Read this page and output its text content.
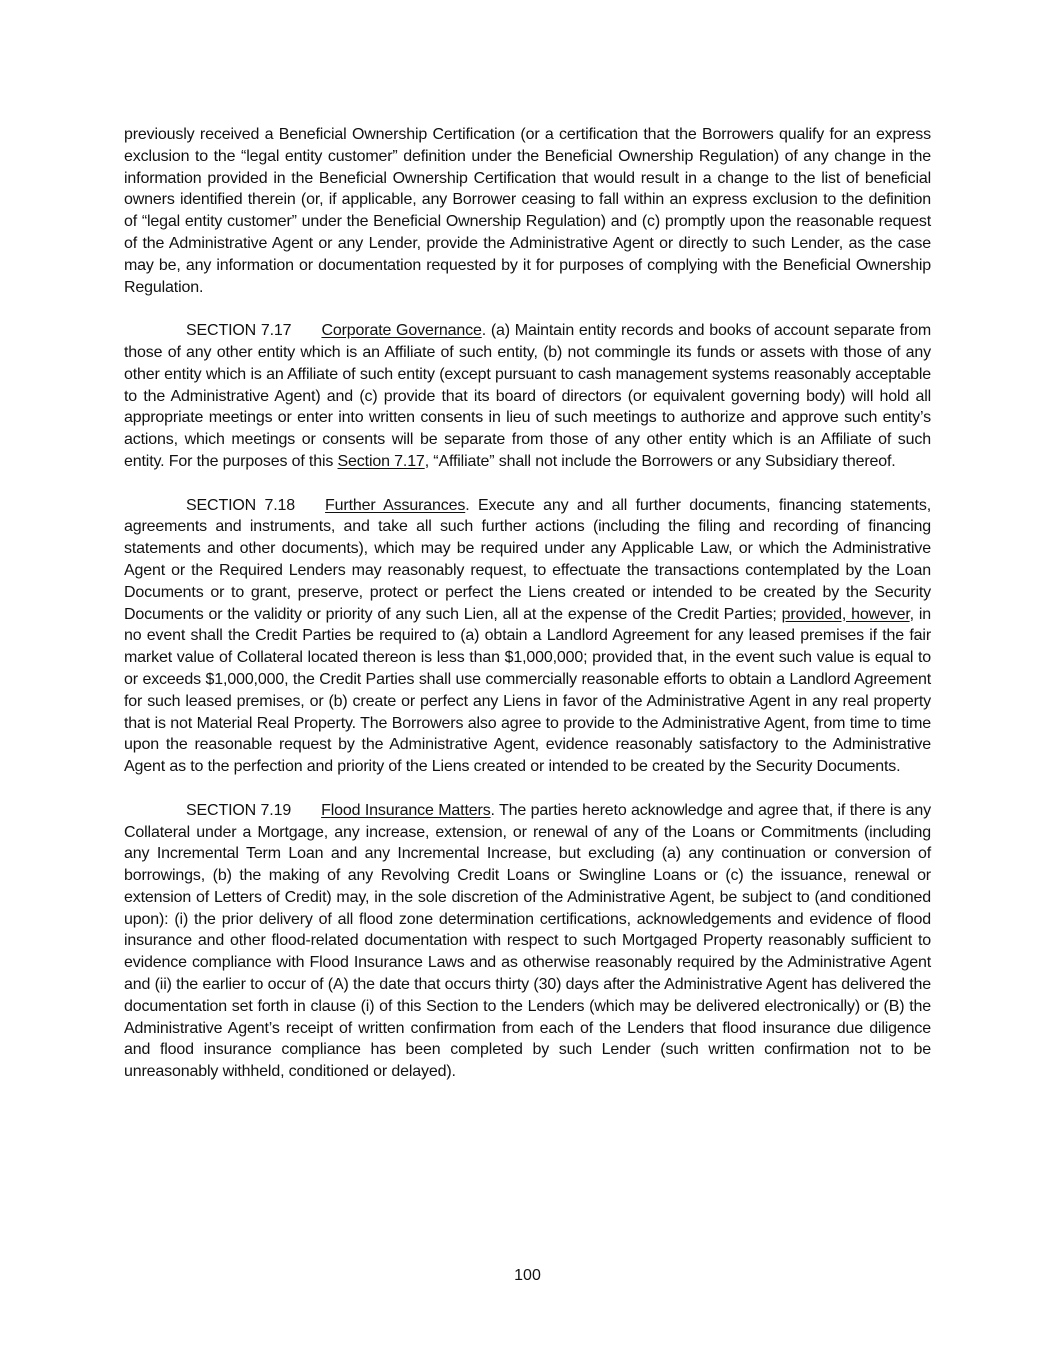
previously received a Beneficial Ownership Certification (or a certification that the Borrowers qualify for an express exclusion to the “legal entity customer” definition under the Beneficial Ownership Regulation) of any change in the information provided in the Beneficial Ownership Certification that would result in a change to the list of beneficial owners identified therein (or, if applicable, any Borrower ceasing to fall within an express exclusion to the definition of “legal entity customer” under the Beneficial Ownership Regulation) and (c) promptly upon the reasonable request of the Administrative Agent or any Lender, provide the Administrative Agent or directly to such Lender, as the case may be, any information or documentation requested by it for purposes of complying with the Beneficial Ownership Regulation.

SECTION 7.17 Corporate Governance. (a) Maintain entity records and books of account separate from those of any other entity which is an Affiliate of such entity, (b) not commingle its funds or assets with those of any other entity which is an Affiliate of such entity (except pursuant to cash management systems reasonably acceptable to the Administrative Agent) and (c) provide that its board of directors (or equivalent governing body) will hold all appropriate meetings or enter into written consents in lieu of such meetings to authorize and approve such entity’s actions, which meetings or consents will be separate from those of any other entity which is an Affiliate of such entity. For the purposes of this Section 7.17, “Affiliate” shall not include the Borrowers or any Subsidiary thereof.

SECTION 7.18 Further Assurances. Execute any and all further documents, financing statements, agreements and instruments, and take all such further actions (including the filing and recording of financing statements and other documents), which may be required under any Applicable Law, or which the Administrative Agent or the Required Lenders may reasonably request, to effectuate the transactions contemplated by the Loan Documents or to grant, preserve, protect or perfect the Liens created or intended to be created by the Security Documents or the validity or priority of any such Lien, all at the expense of the Credit Parties; provided, however, in no event shall the Credit Parties be required to (a) obtain a Landlord Agreement for any leased premises if the fair market value of Collateral located thereon is less than $1,000,000; provided that, in the event such value is equal to or exceeds $1,000,000, the Credit Parties shall use commercially reasonable efforts to obtain a Landlord Agreement for such leased premises, or (b) create or perfect any Liens in favor of the Administrative Agent in any real property that is not Material Real Property. The Borrowers also agree to provide to the Administrative Agent, from time to time upon the reasonable request by the Administrative Agent, evidence reasonably satisfactory to the Administrative Agent as to the perfection and priority of the Liens created or intended to be created by the Security Documents.

SECTION 7.19 Flood Insurance Matters. The parties hereto acknowledge and agree that, if there is any Collateral under a Mortgage, any increase, extension, or renewal of any of the Loans or Commitments (including any Incremental Term Loan and any Incremental Increase, but excluding (a) any continuation or conversion of borrowings, (b) the making of any Revolving Credit Loans or Swingline Loans or (c) the issuance, renewal or extension of Letters of Credit) may, in the sole discretion of the Administrative Agent, be subject to (and conditioned upon): (i) the prior delivery of all flood zone determination certifications, acknowledgements and evidence of flood insurance and other flood-related documentation with respect to such Mortgaged Property reasonably sufficient to evidence compliance with Flood Insurance Laws and as otherwise reasonably required by the Administrative Agent and (ii) the earlier to occur of (A) the date that occurs thirty (30) days after the Administrative Agent has delivered the documentation set forth in clause (i) of this Section to the Lenders (which may be delivered electronically) or (B) the Administrative Agent’s receipt of written confirmation from each of the Lenders that flood insurance due diligence and flood insurance compliance has been completed by such Lender (such written confirmation not to be unreasonably withheld, conditioned or delayed).

100
